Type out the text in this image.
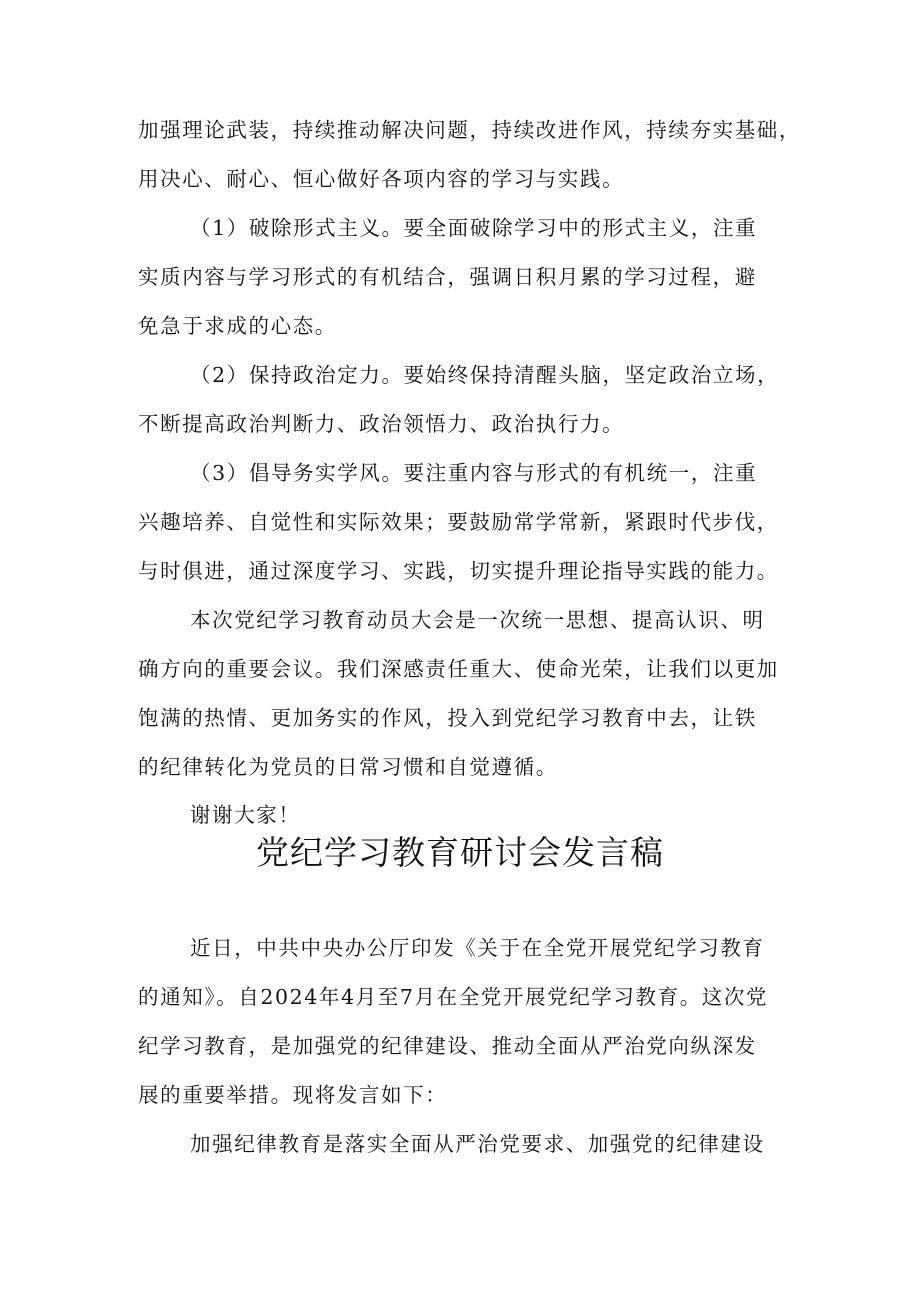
加强理论武装，持续推动解决问题，持续改进作风，持续夯实基础，
用决心、耐心、恒心做好各项内容的学习与实践。
（1）破除形式主义。要全面破除学习中的形式主义，注重
实质内容与学习形式的有机结合，强调日积月累的学习过程，避
免急于求成的心态。
（2）保持政治定力。要始终保持清醒头脑，坚定政治立场，
不断提高政治判断力、政治领悟力、政治执行力。
（3）倡导务实学风。要注重内容与形式的有机统一，注重
兴趣培养、自觉性和实际效果；要鼓励常学常新，紧跟时代步伐，
与时俱进，通过深度学习、实践，切实提升理论指导实践的能力。
本次党纪学习教育动员大会是一次统一思想、提高认识、明
确方向的重要会议。我们深感责任重大、使命光荣，让我们以更加
饱满的热情、更加务实的作风，投入到党纪学习教育中去，让铁
的纪律转化为党员的日常习惯和自觉遵循。
谢谢大家！
党纪学习教育研讨会发言稿
近日，中共中央办公厅印发《关于在全党开展党纪学习教育
的通知》。自2024年4月至7月在全党开展党纪学习教育。这次党
纪学习教育，是加强党的纪律建设、推动全面从严治党向纵深发
展的重要举措。现将发言如下：
加强纪律教育是落实全面从严治党要求、加强党的纪律建设
